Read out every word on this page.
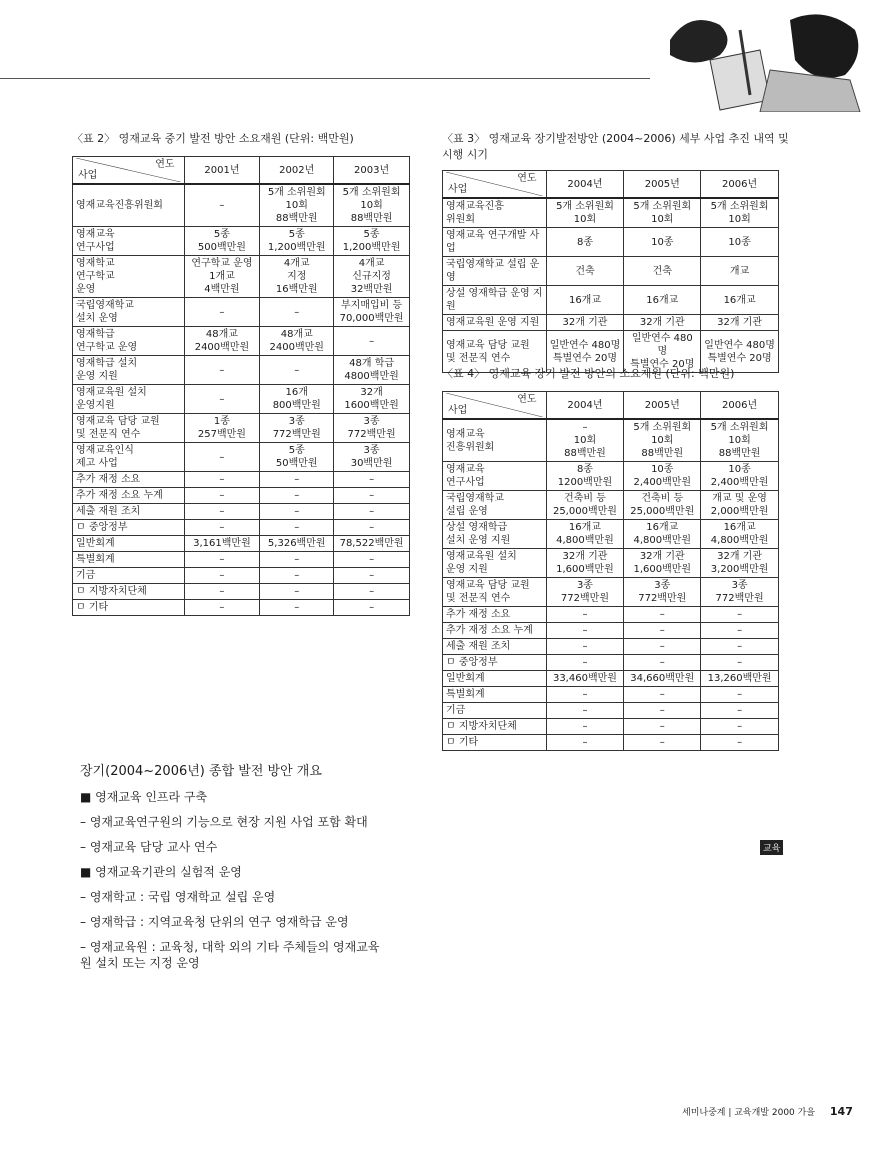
〈표 2〉 영재교육 중기 발전 방안 소요재원 (단위: 백만원)
연도
사업	2001년	2002년	2003년
영재교육진흥위원회	–	5개 소위원회
10회
88백만원	5개 소위원회
10회
88백만원
영재교육
연구사업	5종
500백만원	5종
1,200백만원	5종
1,200백만원
영재학교
연구학교
운영	연구학교 운영
1개교
4백만원	4개교
지정
16백만원	4개교
신규지정
32백만원
국립영재학교
설치 운영	–	–	부지매입비 등
70,000백만원
영재학급
연구학교 운영	48개교
2400백만원	48개교
2400백만원	–
영재학급 설치
운영 지원	–	–	48개 학급
4800백만원
영재교육원 설치
운영지원	–	16개
800백만원	32개
1600백만원
영재교육 담당 교원
및 전문직 연수	1종
257백만원	3종
772백만원	3종
772백만원
영재교육인식
제고 사업	–	5종
50백만원	3종
30백만원
추가 재정 소요	–	–	–
추가 재정 소요 누계	–	–	–
세출 재원 조치	–	–	–
ㅁ 중앙정부	–	–	–
일반회계	3,161백만원	5,326백만원	78,522백만원
특별회계	–	–	–
기금	–	–	–
ㅁ 지방자치단체	–	–	–
ㅁ 기타	–	–	–
〈표 3〉 영재교육 장기발전방안 (2004~2006) 세부 사업 추진 내역 및
시행 시기
연도
사업	2004년	2005년	2006년
영재교육진흥
위원회	5개 소위원회
10회	5개 소위원회
10회	5개 소위원회
10회
영재교육 연구개발 사업	8종	10종	10종
국립영재학교 설립 운영	건축	건축	개교
상설 영재학급 운영 지원	16개교	16개교	16개교
영재교육원 운영 지원	32개 기관	32개 기관	32개 기관
영재교육 담당 교원
및 전문직 연수	일반연수 480명
특별연수 20명	일반연수 480명
특별연수 20명	일반연수 480명
특별연수 20명
〈표 4〉 영재교육 장기 발전 방안의 소요재원 (단위: 백만원)
연도
사업	2004년	2005년	2006년
영재교육
진흥위원회	–
10회
88백만원	5개 소위원회
10회
88백만원	5개 소위원회
10회
88백만원
영재교육
연구사업	8종
1200백만원	10종
2,400백만원	10종
2,400백만원
국립영재학교
설립 운영	건축비 등
25,000백만원	건축비 등
25,000백만원	개교 및 운영
2,000백만원
상설 영재학급
설치 운영 지원	16개교
4,800백만원	16개교
4,800백만원	16개교
4,800백만원
영재교육원 설치
운영 지원	32개 기관
1,600백만원	32개 기관
1,600백만원	32개 기관
3,200백만원
영재교육 담당 교원
및 전문직 연수	3종
772백만원	3종
772백만원	3종
772백만원
추가 재정 소요	–	–	–
추가 재정 소요 누계	–	–	–
세출 재원 조치	–	–	–
ㅁ 중앙정부	–	–	–
일반회계	33,460백만원	34,660백만원	13,260백만원
특별회계	–	–	–
기금	–	–	–
ㅁ 지방자치단체	–	–	–
ㅁ 기타	–	–	–
장기(2004~2006년) 종합 발전 방안 개요
■ 영재교육 인프라 구축
– 영재교육연구원의 기능으로 현장 지원 사업 포함 확대
– 영재교육 담당 교사 연수
■ 영재교육기관의 실험적 운영
– 영재학교 : 국립 영재학교 설립 운영
– 영재학급 : 지역교육청 단위의 연구 영재학급 운영
– 영재교육원 : 교육청, 대학 외의 기타 주체들의 영재교육
원 설치 또는 지정 운영
교육
세미나중계 | 교육개발 2000 가을 147
